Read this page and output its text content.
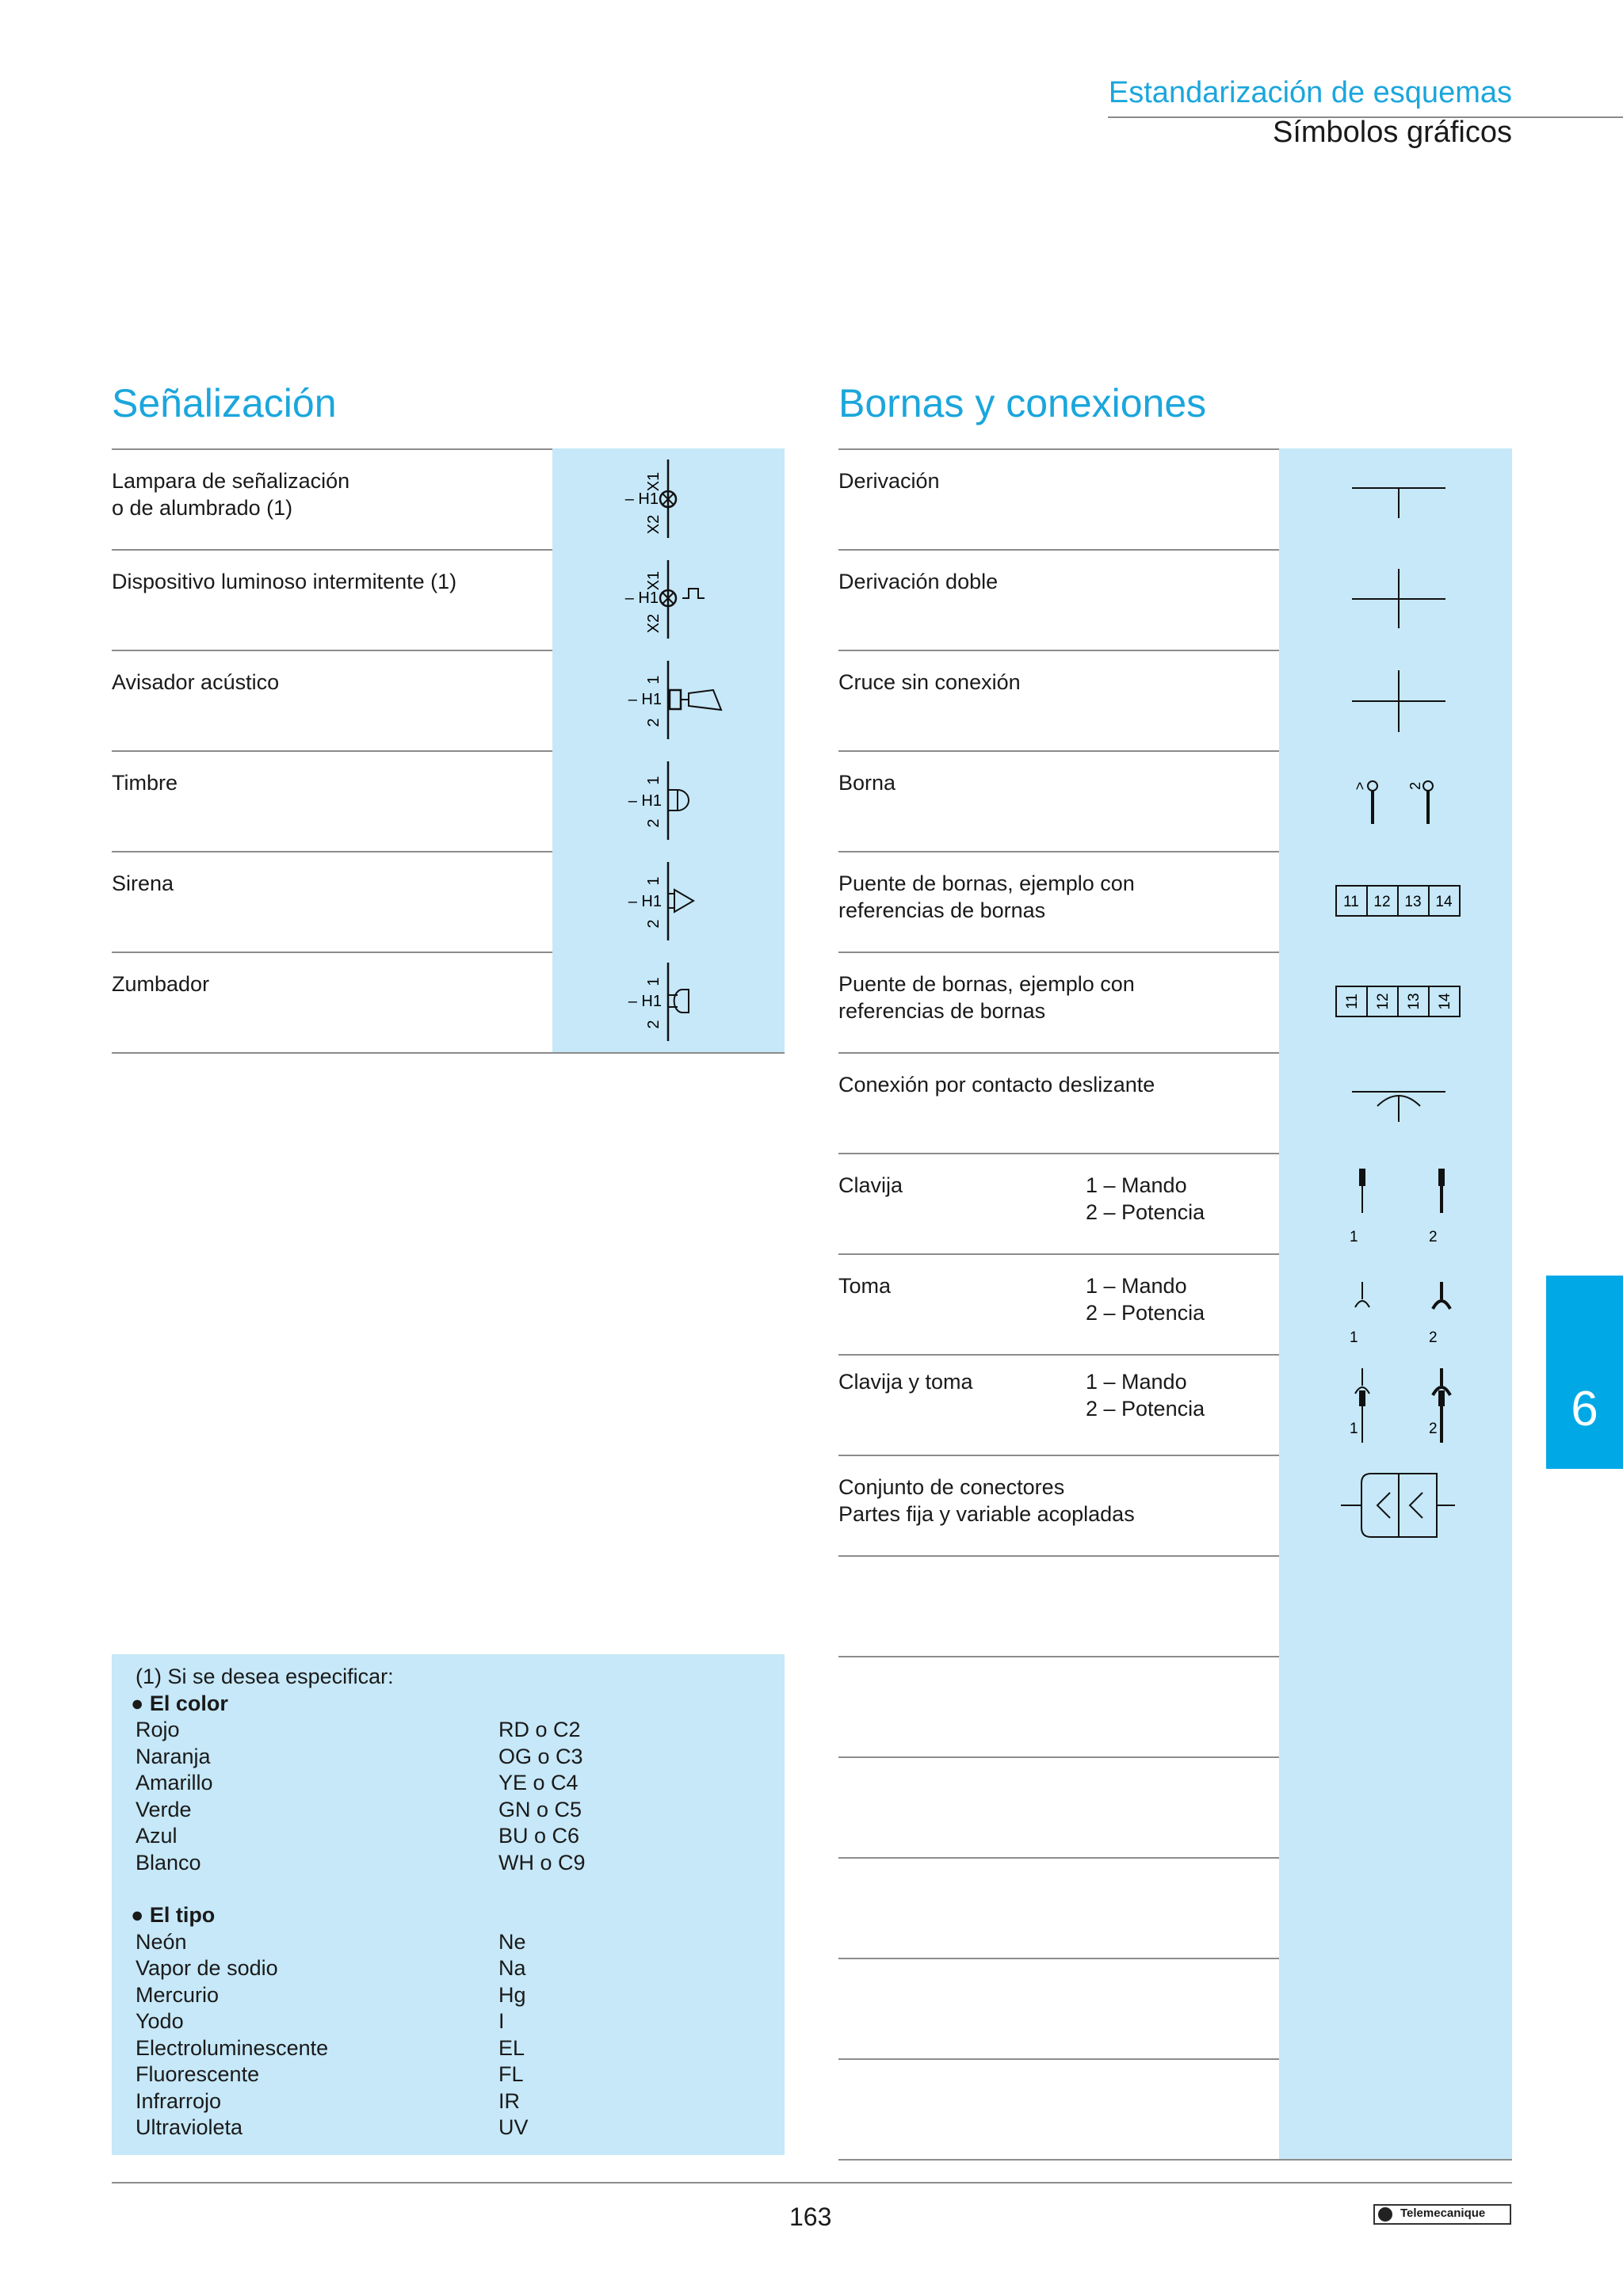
Estandarización de esquemas
Símbolos gráficos
Señalización	Bornas y conexiones
Lampara de señalización
o de alumbrado (1)	– H1
X1
X2
Dispositivo luminoso intermitente (1)
– H1
X1
X2
Avisador acústico
– H1
1
2
Timbre
– H1
1
2
Sirena
– H1
1
2
Zumbador
– H1
1
2
(1) Si se desea especificar:
● El color
Rojo	RD o C2
Naranja	OG o C3
Amarillo	YE o C4
Verde	GN o C5
Azul	BU o C6
Blanco	WH o C9
● El tipo
Neón	Ne
Vapor de sodio	Na
Mercurio	Hg
Yodo	I
Electroluminescente	EL
Fluorescente	FL
Infrarrojo	IR
Ultravioleta	UV
Derivación
Derivación doble
Cruce sin conexión
Borna	>	2
Puente de bornas, ejemplo con
referencias de bornas	11 12 13 14
Puente de bornas, ejemplo con
referencias de bornas	11 12 13 14
Conexión por contacto deslizante
Clavija	1 – Mando
2 – Potencia
1	2
Toma	1 – Mando
2 – Potencia
1	2
Clavija y toma	1 – Mando
2 – Potencia
1	2
Conjunto de conectores
Partes fija y variable acopladas
6
163	Telemecanique
